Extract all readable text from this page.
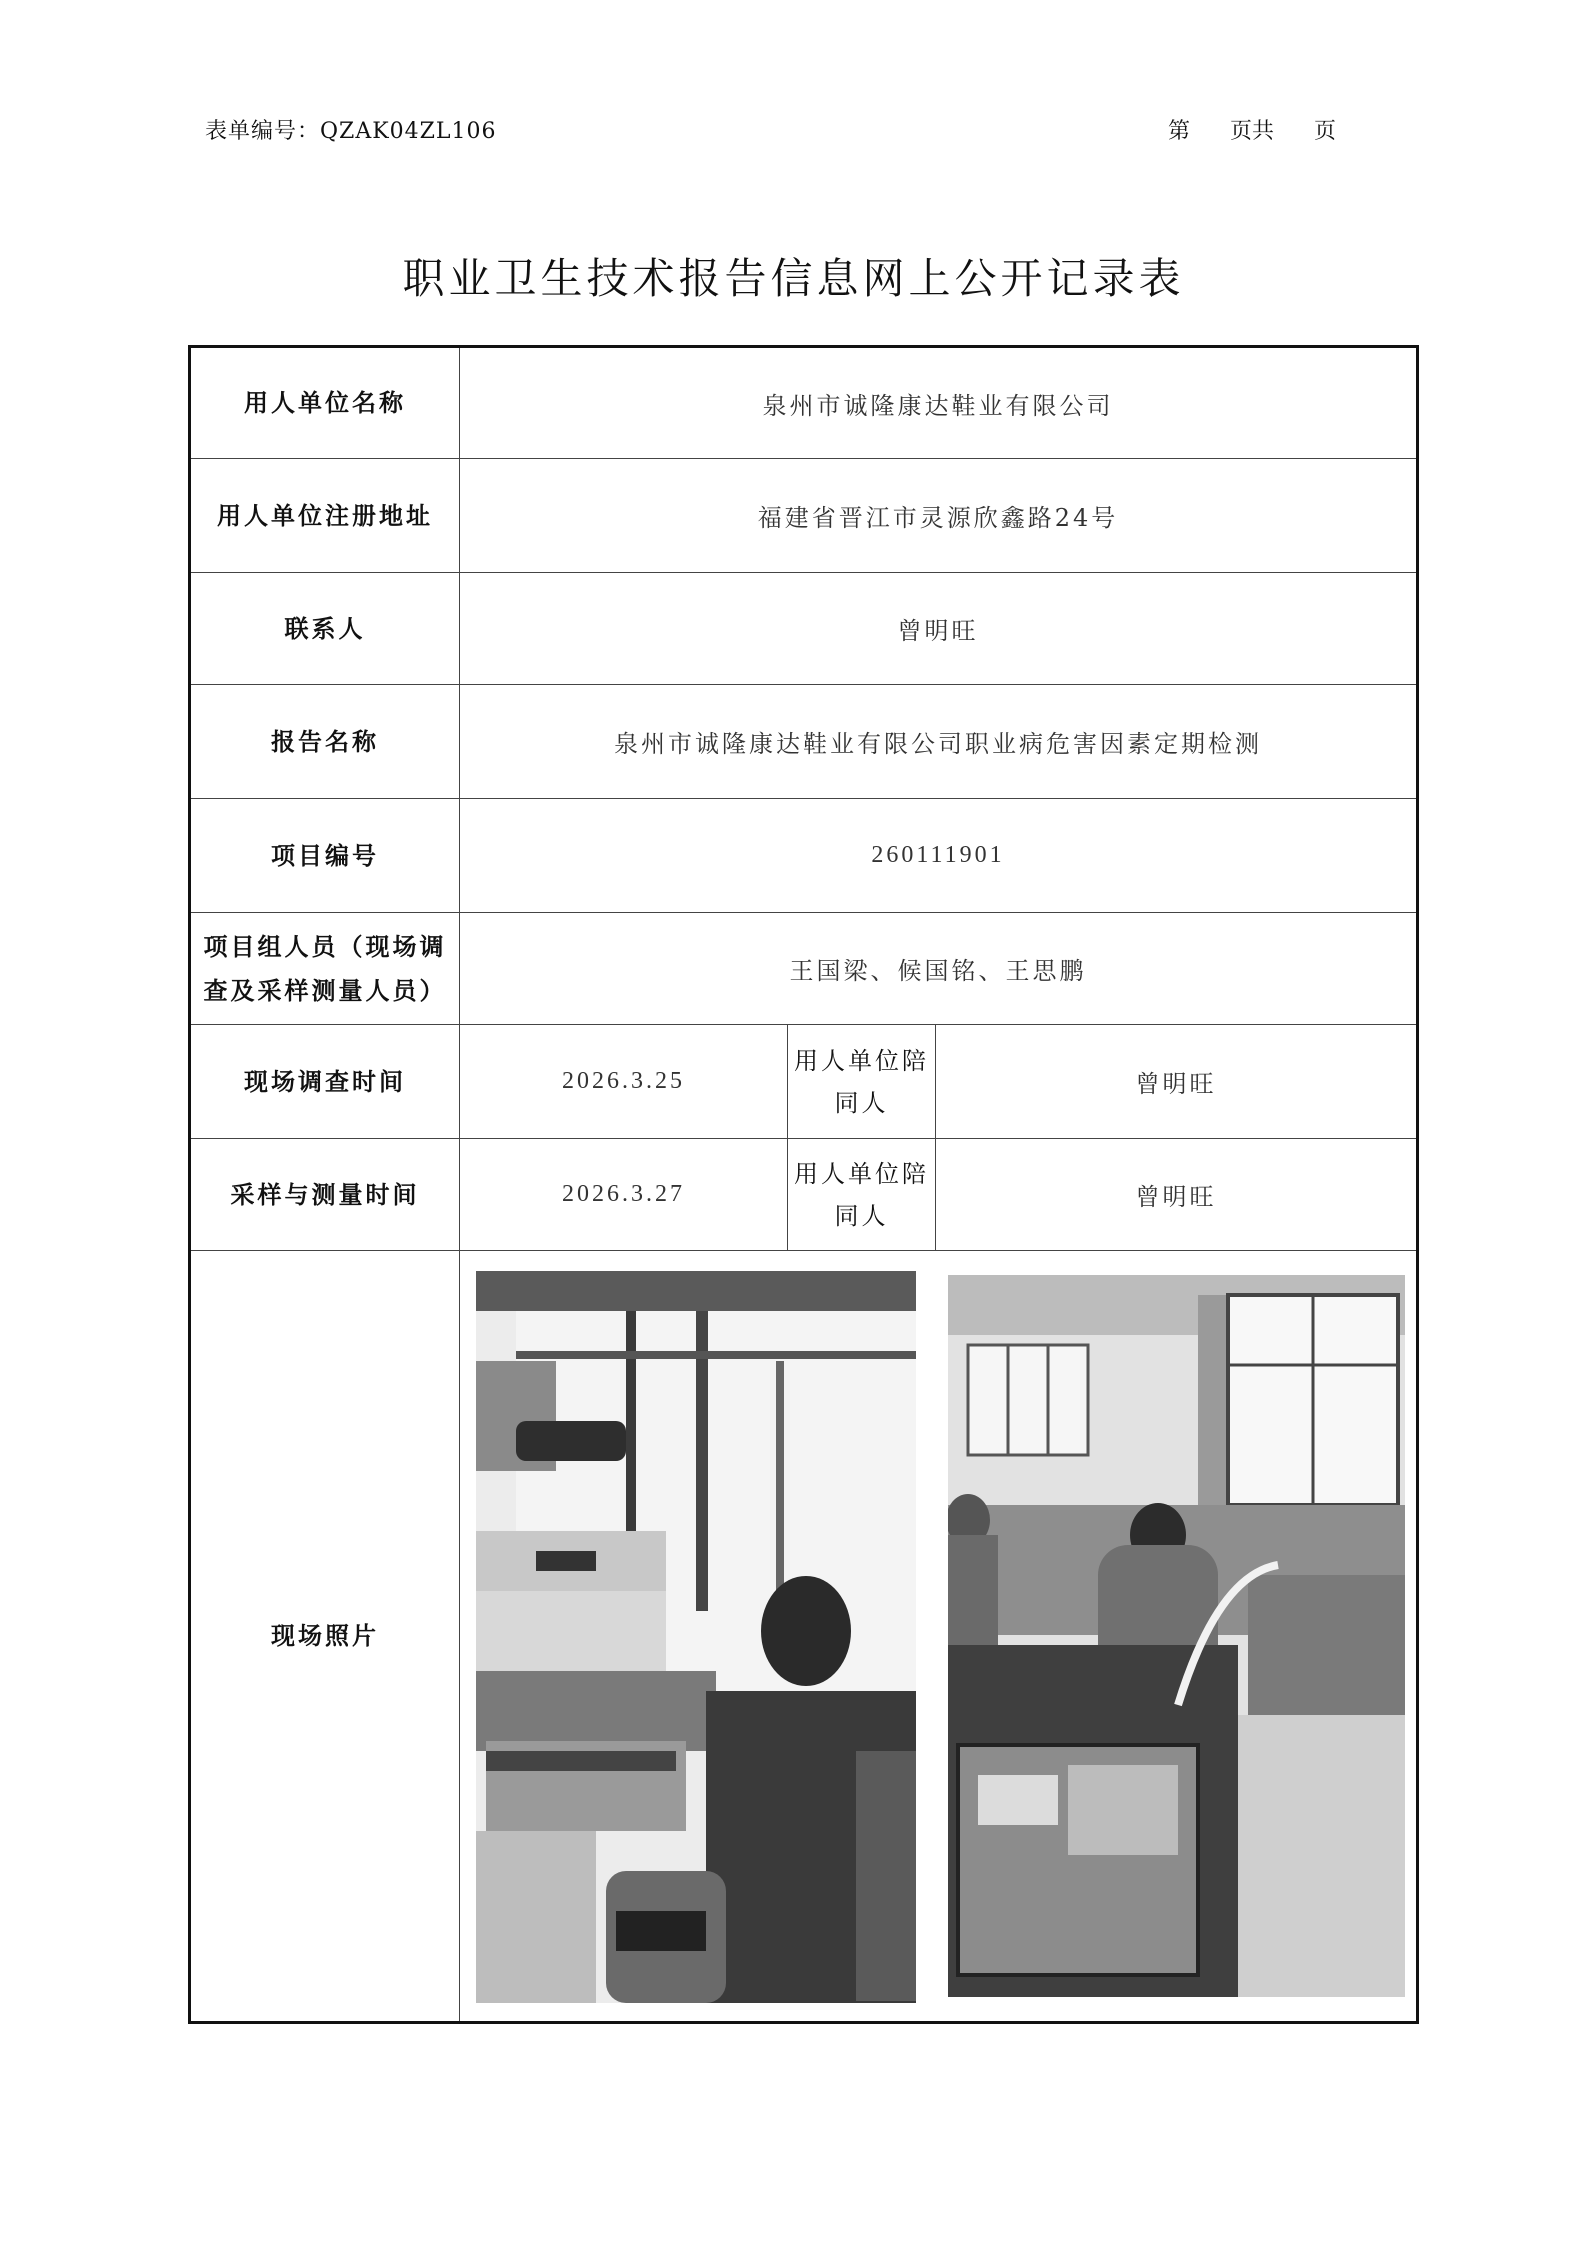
表单编号：QZAK04ZL106	第 页共 页
职业卫生技术报告信息网上公开记录表
用人单位名称	泉州市诚隆康达鞋业有限公司		
用人单位注册地址	福建省晋江市灵源欣鑫路24号		
联系人	曾明旺		
报告名称	泉州市诚隆康达鞋业有限公司职业病危害因素定期检测		
项目编号	260111901		
项目组人员（现场调查及采样测量人员）	王国梁、候国铭、王思鹏		
现场调查时间	2026.3.25	用人单位陪同人	曾明旺
采样与测量时间	2026.3.27	用人单位陪同人	曾明旺
现场照片	
